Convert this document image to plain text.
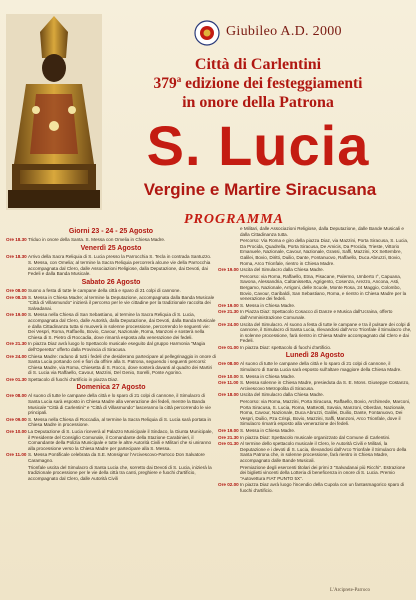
Giubileo A.D. 2000
Città di Carlentini
379$^a$ edizione dei festeggiamenti
in onore della Patrona
S. Lucia
Vergine e Martire Siracusana
PROGRAMMA
Giorni 23 - 24 - 25 Agosto
Ore 18.30 Triduo in onore della Santa. S. Messa con Omelia in Chiesa Madre.
Venerdì 25 Agosto
Ore 18.30 Arrivo della Sacra Reliquia di S. Lucia presso la Parrocchia S. Tecla in contrada Santuzzo.
S. Messa, con Omelia; al termine la Sacra Reliquia percorrerà alcune vie della Parrocchia accompagnata dal Clero, dalle Associazioni Religiose, dalla Deputazione, dai Devoti, dai Fedeli e dalla Banda Musicale.
Sabato 26 Agosto
Ore 08.00 Suono a festa di tutte le campane della città e sparo di 21 colpi di cannone.
Ore 08.15 S. Messa in Chiesa Madre; al termine la Deputazione, accompagnata dalla Banda Musicale "Città di Villasmundo" inizierà il percorso per le vie cittadine per la tradizionale raccolta dei Salvadanai.
Ore 19.00 S. Messa nella Chiesa di San Sebastiano, al termine la Sacra Reliquia di S. Lucia, accompagnata dal Clero, dalle Autorità, dalla Deputazione, dai Devoti, dalla Banda Musicale e dalla Cittadinanza tutta si muoverà in solenne processione, percorrendo le seguenti vie: Dei Vespri, Roma, Raffaello, Bovio, Cavour, Nazionale, Roma, Manzoni e sosterà nella Chiesa di S. Pietro di Roccadia, dove rimarrà esposta alla venerazione dei fedeli.
Ore 21.30 In piazza Diaz avrà luogo lo Spettacolo musicale eseguito dal gruppo Harmonia "Magia dell'Operetta" offerto dalla Provincia di Siracusa.
Ore 24.00 Chiesa Madre: raduno di tutti i fedeli che desiderano partecipare al pellegrinaggio in onore di Santa Lucia portando ceri e fiori da offrire alla S. Patrona, seguendo i seguenti percorsi: Chiesa Madre, via Roma, Chiesetta di S. Rocco, dove sosterà davanti al quadro dei Martiri di S. Lucia via Raffaello, Cavour, Mazzini, Del Genio, Sorelli, Ponte Agorino.
Ore 01.30 Spettacolo di fuochi d'artificio in piazza Diaz.
Domenica 27 Agosto
Ore 08.00 Al suono di tutte le campane della città e lo sparo di 21 colpi di cannone, il Simulacro di Santa Lucia sarà esposto in Chiesa Madre alla venerazione dei fedeli, mentre la Banda Musicale "Città di Carlentini" e "Città di Villasmundo" lasceranno la città percorrendo le vie principali.
Ore 09.00 S. Messa nella Chiesa di Roccadia, al termine la Sacra Reliquia di S. Lucia sarà portata in Chiesa Madre in processione.
Ore 10.00 La Deputazione di S. Lucia riceverà al Palazzo Municipale il Sindaco, la Giunta Municipale, il Presidente del Consiglio Comunale, il Comandante della Stazione Carabinieri, il Comandante della Polizia Municipale e tutte le altre Autorità Civili e Militari che si uniranno alla processione verso la Chiesa Madre per partecipare alla S. Messa.
Ore 11.00 S. Messa Pontificale celebrata da S.E. Monsignor l'Arcivescovo-Parroco Don Salvatore Caramagno.
Trionfale uscita del Simulacro di Santa Lucia che, sorretto dai Devoti di S. Lucia, inizierà la tradizionale processione per le vie della città tra canti, preghiere e fuochi d'artificio, accompagnato dal Clero, dalle Autorità Civili
e Militari, dalle Associazioni Religiose, dalla Deputazione, dalle Bande Musicali e dalla Cittadinanza tutta.
Percorso: Via Roma e giro della piazza Diaz, via Mazzini, Porta Siracusa, S. Lucia, Da Procida, Quadrella, Porta Siracusa, De Amicis, Da Procida, Trieste, Vittorio Emanuele, Nazionale, Cavour, Nazionale, Grassi, Saffi, Mazzini, XX Settembre, Galilei, Bovio, Diritti, Duilio, Dante, Fontanuovo, Raffaello, Duca Abruzzi, Bovio, Roma, Arco Trionfale, rientro in Chiesa Madre.
Ore 19.00 Uscita del Simulacro dalla Chiesa Madre.
Percorso: via Roma, Raffaello, Etna, Pisacane, Palermo, Umberto I°, Capuana, Savona, Alessandria, Caltanissetta, Agrigento, Cosenza, Arezzo, Ancona, Asti, Bergamo, Nazionale, Arrigoni, delle Scuole, Monte Rosa, 24 Maggio, Colombo, Bovio, Cavour, Garibaldi, San Sebastiano, Roma, e rientro in Chiesa Madre per la venerazione dei fedeli.
Ore 19.00 S. Messa in Chiesa Madre.
Ore 21.30 In Piazza Diaz: Spettacolo Cosacco di Danze e Musica dall'Ucraina, offerto dall'Amministrazione Comunale.
Ore 24.00 Uscita del Simulacro. Al suono a festa di tutte le campane e tra il pulsare dei colpi di cannone, il Simulacro di Santa Lucia, rilevandosi dall'Arco Trionfale il Simulacro che, in solenne processione, farà rientro in Chiesa Madre accompagnato dal Clero e dai Fedeli.
Ore 01.00 In piazza Diaz: spettacolo di fuochi d'artificio.
Lunedì 28 Agosto
Ore 08.00 Al suono di tutte le campane della città e lo sparo di 21 colpi di cannone, il Simulacro di Santa Lucia sarà esposto sull'altare maggiore della Chiesa Madre.
Ore 10.00 S. Messa in Chiesa Madre.
Ore 11.00 S. Messa solenne in Chiesa Madre, presieduta da S. E. Mons. Giuseppe Costanzo, Arcivescovo Metropolita di Siracusa.
Ore 18.00 Uscita del Simulacro dalla Chiesa Madre.
Percorso: via Roma, Mazzini, Porta Siracusa, Raffaello, Bovio, Archimede, Marconi, Porta Siracusa, S. Lucia, Roma, Matteotti, Savoia, Manzoni, Oberdan, Nazionale, Roma, Cavour, Nazionale, Duca Abruzzi, Galilei, Duilio, Dante, Fontanuovo, Dei Vespri, Duilio, Pza Crispi, Bovio, Mazzini, Saffi, Manzoni, Arco Trionfale, dove il Simulacro rimarrà esposto alla venerazione dei fedeli.
Ore 19.00 S. Messa in Chiesa Madre.
Ore 21.30 In piazza Diaz: Spettacolo musicale organizzato dal Comune di Carlentini.
Ore 01.30 Al termine dello spettacolo musicale il Clero, le Autorità Civili e Militari, la Deputazione e i devoti di S. Lucia, rilevandosi dall'Arco Trionfale il Simulacro della Santa Patrona che, in solenne processione, farà rientro in Chiesa Madre, accompagnato dalle Bande Musicali.
Premiazione degli esercenti titolari dei primi 3 "Salvadanai più Ricchi". Estrazione dei biglietti vincenti della Lotteria di beneficenza in onore di S. Lucia. Premio "Autovettura FIAT PUNTO 5X".
Ore 02.00 In piazza Diaz avrà luogo l'incendio della Cupola con un fantasmagorico sparo di fuochi d'artificio.
L'Arciprete-Parroco
